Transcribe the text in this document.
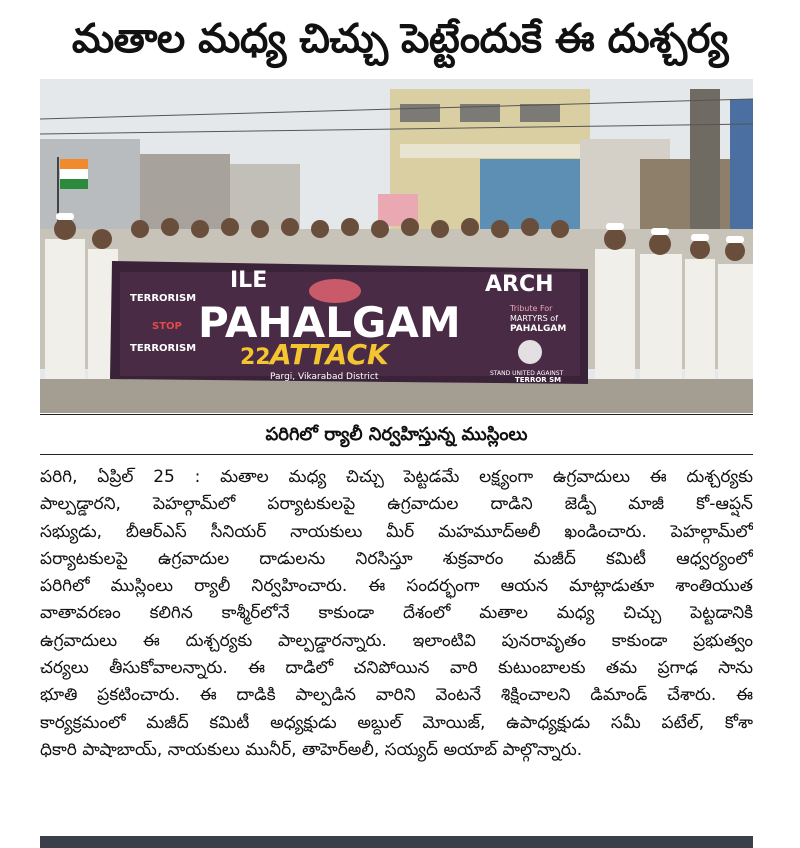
మతాల మధ్య చిచ్చు పెట్టేందుకే ఈ దుశ్చర్య
ILE	ARCH
PAHALGAM
22 ATTACK
Pargi, Vikarabad District
TERRORISM
STOP
TERRORISM
Tribute For
MARTYRS of
PAHALGAM
STAND UNITED AGAINST
TERROR SM
పరిగిలో ర్యాలీ నిర్వహిస్తున్న ముస్లింలు
పరిగి, ఏప్రిల్ 25 : మతాల మధ్య చిచ్చు పెట్టడమే లక్ష్యంగా ఉగ్రవాదులు ఈ దుశ్చర్యకు
పాల్పడ్డారని, పెహల్గామ్‌లో పర్యాటకులపై ఉగ్రవాదుల దాడిని జెడ్పీ మాజీ కో-ఆప్షన్
సభ్యుడు, బీఆర్ఎస్ సీనియర్ నాయకులు మీర్ మహమూద్అలీ ఖండించారు. పెహల్గామ్‌లో
పర్యాటకులపై ఉగ్రవాదుల దాడులను నిరసిస్తూ శుక్రవారం మజీద్ కమిటీ ఆధ్వర్యంలో
పరిగిలో ముస్లింలు ర్యాలీ నిర్వహించారు. ఈ సందర్భంగా ఆయన మాట్లాడుతూ శాంతియుత
వాతావరణం కలిగిన కాశ్మీర్‌లోనే కాకుండా దేశంలో మతాల మధ్య చిచ్చు పెట్టడానికి
ఉగ్రవాదులు ఈ దుశ్చర్యకు పాల్పడ్డారన్నారు. ఇలాంటివి పునరావృతం కాకుండా ప్రభుత్వం
చర్యలు తీసుకోవాలన్నారు. ఈ దాడిలో చనిపోయిన వారి కుటుంబాలకు తమ ప్రగాఢ సాను
భూతి ప్రకటించారు. ఈ దాడికి పాల్పడిన వారిని వెంటనే శిక్షించాలని డిమాండ్ చేశారు. ఈ
కార్యక్రమంలో మజీద్ కమిటీ అధ్యక్షుడు అబ్దుల్ మోయిజ్, ఉపాధ్యక్షుడు సమీ పటేల్, కోశా
ధికారి పాషాబాయ్, నాయకులు మునీర్, తాహెర్అలీ, సయ్యద్ అయాబ్ పాల్గొన్నారు.
